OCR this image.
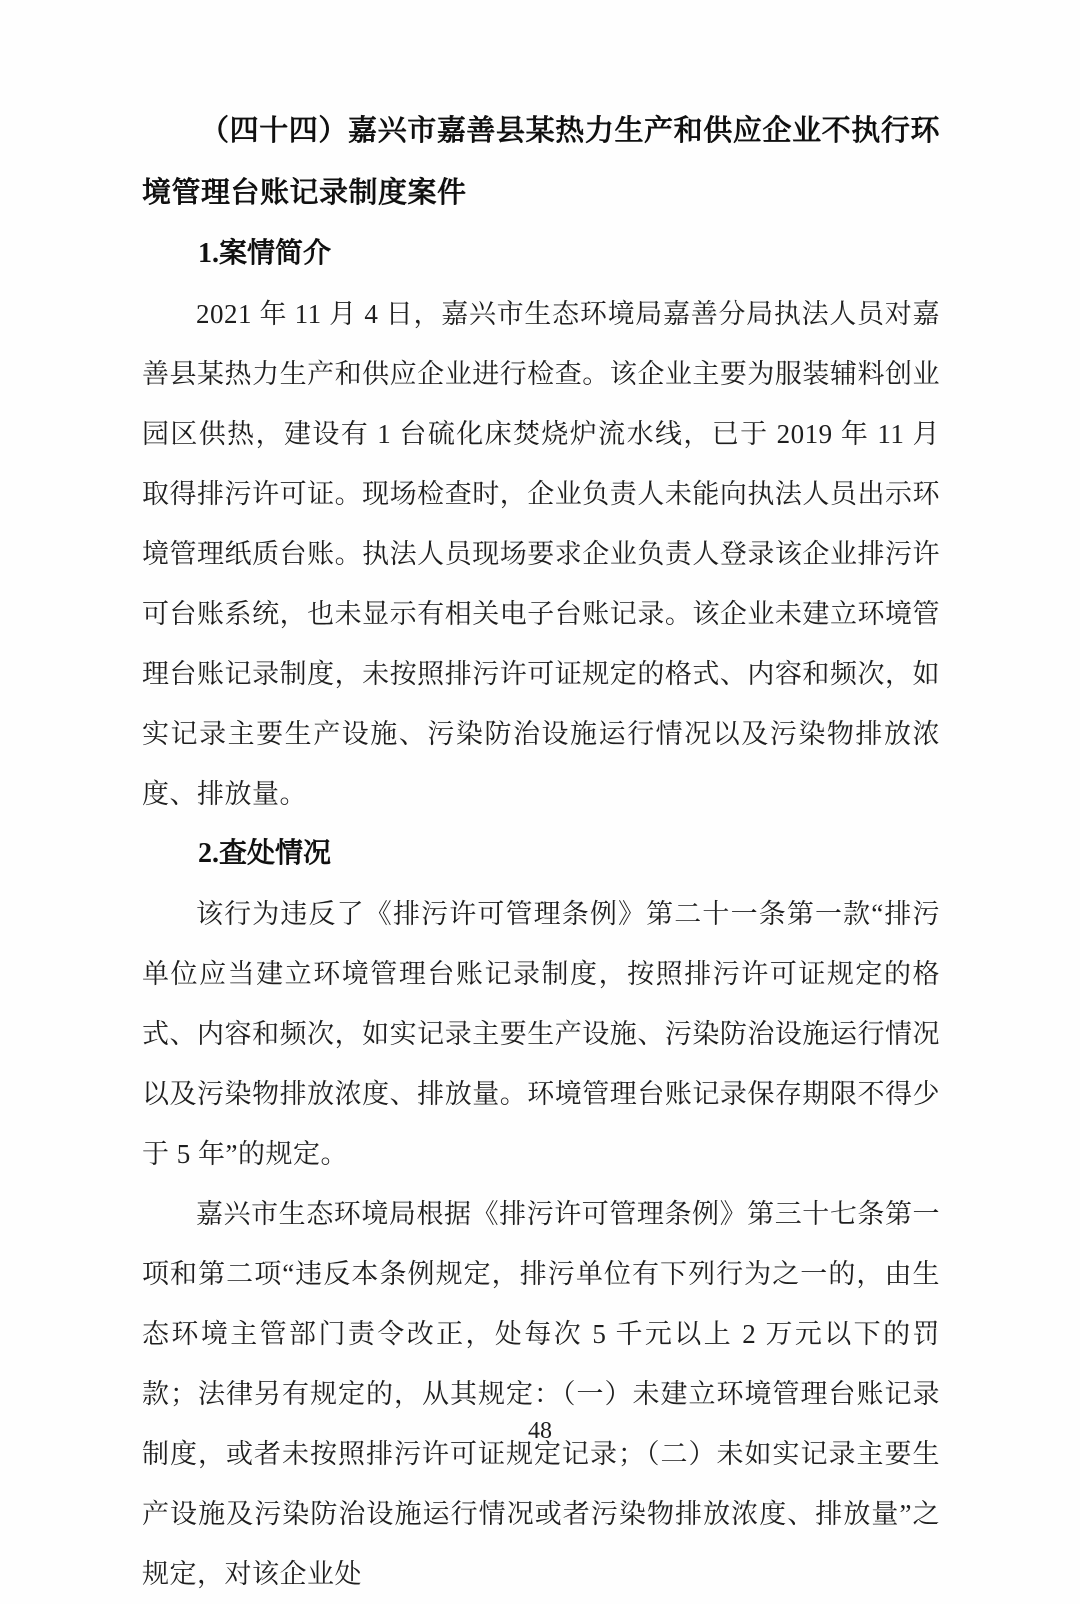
（四十四）嘉兴市嘉善县某热力生产和供应企业不执行环境管理台账记录制度案件
1.案情简介

2021 年 11 月 4 日，嘉兴市生态环境局嘉善分局执法人员对嘉善县某热力生产和供应企业进行检查。该企业主要为服装辅料创业园区供热，建设有 1 台硫化床焚烧炉流水线，已于 2019 年 11 月取得排污许可证。现场检查时，企业负责人未能向执法人员出示环境管理纸质台账。执法人员现场要求企业负责人登录该企业排污许可台账系统，也未显示有相关电子台账记录。该企业未建立环境管理台账记录制度，未按照排污许可证规定的格式、内容和频次，如实记录主要生产设施、污染防治设施运行情况以及污染物排放浓度、排放量。

2.查处情况

该行为违反了《排污许可管理条例》第二十一条第一款“排污单位应当建立环境管理台账记录制度，按照排污许可证规定的格式、内容和频次，如实记录主要生产设施、污染防治设施运行情况以及污染物排放浓度、排放量。环境管理台账记录保存期限不得少于 5 年”的规定。

嘉兴市生态环境局根据《排污许可管理条例》第三十七条第一项和第二项“违反本条例规定，排污单位有下列行为之一的，由生态环境主管部门责令改正，处每次 5 千元以上 2 万元以下的罚款；法律另有规定的，从其规定：（一）未建立环境管理台账记录制度，或者未按照排污许可证规定记录；（二）未如实记录主要生产设施及污染防治设施运行情况或者污染物排放浓度、排放量”之规定，对该企业处

48
